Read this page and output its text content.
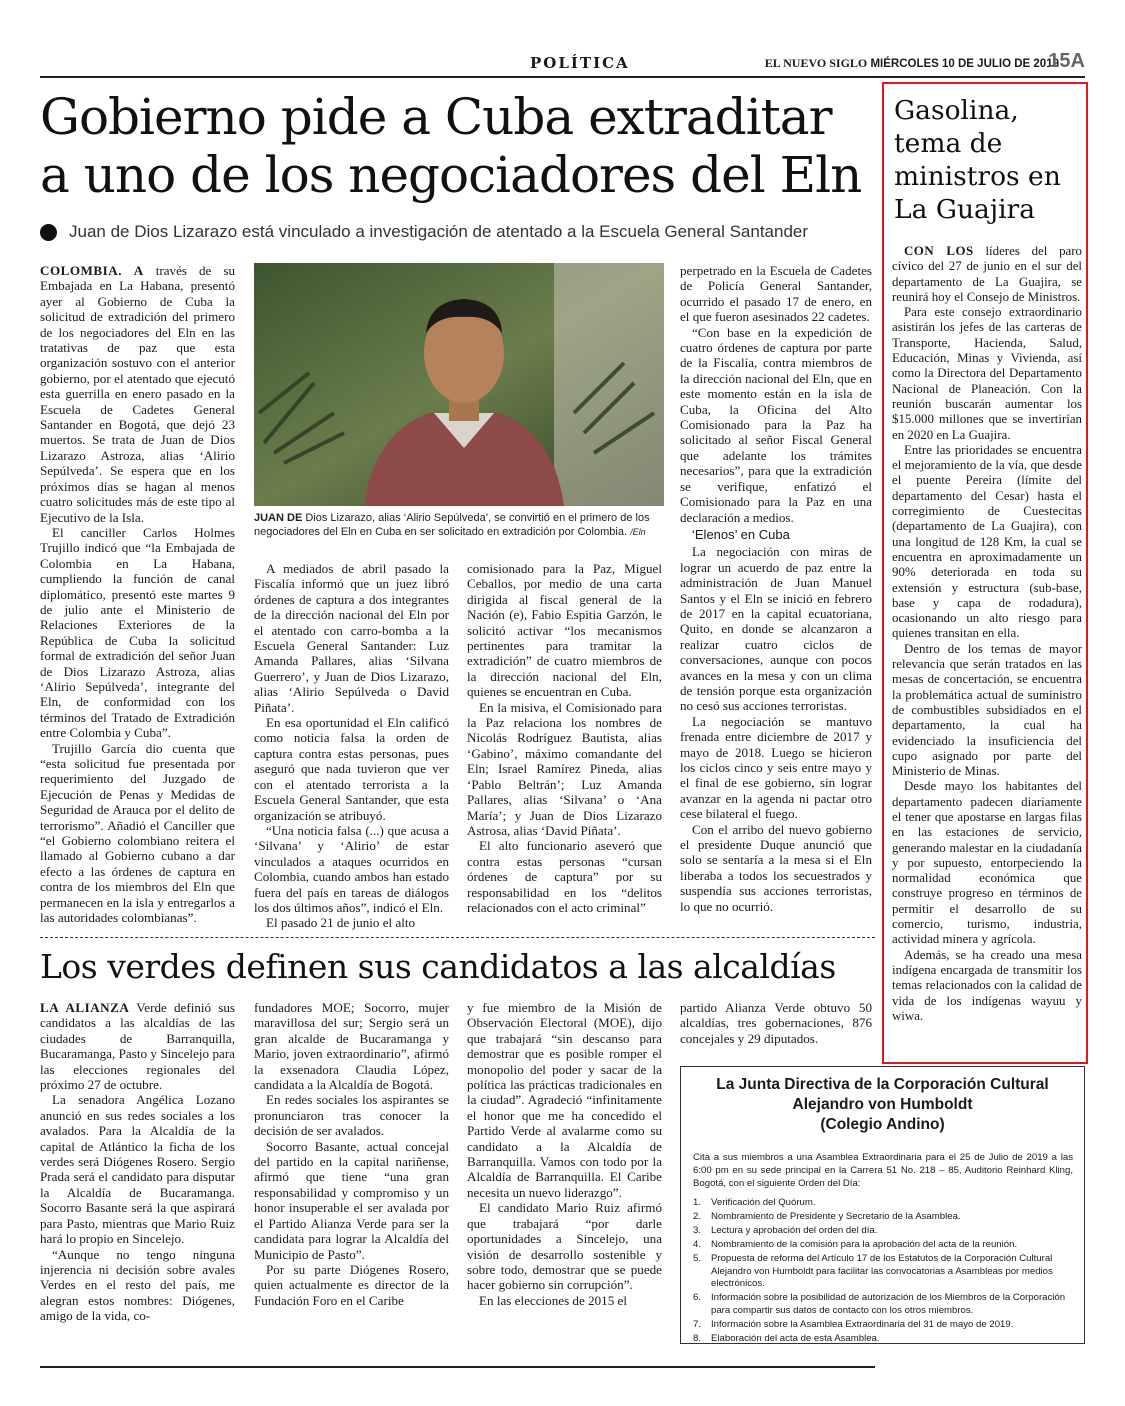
POLÍTICA	EL NUEVO SIGLO MIÉRCOLES 10 DE JULIO DE 2019
15A
Gobierno pide a Cuba extraditar
a uno de los negociadores del Eln
Juan de Dios Lizarazo está vinculado a investigación de atentado a la Escuela General Santander

COLOMBIA. A través de su Embajada en La Habana, presentó ayer al Gobierno de Cuba la solicitud de extradición del primero de los negociadores del Eln en las tratativas de paz que esta organización sostuvo con el anterior gobierno, por el atentado que ejecutó esta guerrilla en enero pasado en la Escuela de Cadetes General Santander en Bogotá, que dejó 23 muertos. Se trata de Juan de Dios Lizarazo Astroza, alias ‘Alirio Sepúlveda’. Se espera que en los próximos días se hagan al menos cuatro solicitudes más de este tipo al Ejecutivo de la Isla.

El canciller Carlos Holmes Trujillo indicó que “la Embajada de Colombia en La Habana, cumpliendo la función de canal diplomático, presentó este martes 9 de julio ante el Ministerio de Relaciones Exteriores de la República de Cuba la solicitud formal de extradición del señor Juan de Dios Lizarazo Astroza, alias ‘Alirio Sepúlveda’, integrante del Eln, de conformidad con los términos del Tratado de Extradición entre Colombia y Cuba”.

Trujillo García dio cuenta que “esta solicitud fue presentada por requerimiento del Juzgado de Ejecución de Penas y Medidas de Seguridad de Arauca por el delito de terrorismo”. Añadió el Canciller que “el Gobierno colombiano reitera el llamado al Gobierno cubano a dar efecto a las órdenes de captura en contra de los miembros del Eln que permanecen en la isla y entregarlos a las autoridades colombianas”.

JUAN DE Dios Lizarazo, alias ‘Alirio Sepúlveda’, se convirtió en el primero de los negociadores del Eln en Cuba en ser solicitado en extradición por Colombia. /Eln

A mediados de abril pasado la Fiscalía informó que un juez libró órdenes de captura a dos integrantes de la dirección nacional del Eln por el atentado con carro-bomba a la Escuela General Santander: Luz Amanda Pallares, alias ‘Silvana Guerrero’, y Juan de Dios Lizarazo, alias ‘Alirio Sepúlveda o David Piñata’.

En esa oportunidad el Eln calificó como noticia falsa la orden de captura contra estas personas, pues aseguró que nada tuvieron que ver con el atentado terrorista a la Escuela General Santander, que esta organización se atribuyó.

“Una noticia falsa (...) que acusa a ‘Silvana’ y ‘Alirio’ de estar vinculados a ataques ocurridos en Colombia, cuando ambos han estado fuera del país en tareas de diálogos los dos últimos años”, indicó el Eln.

El pasado 21 de junio el alto

comisionado para la Paz, Miguel Ceballos, por medio de una carta dirigida al fiscal general de la Nación (e), Fabio Espitia Garzón, le solicitó activar “los mecanismos pertinentes para tramitar la extradición” de cuatro miembros de la dirección nacional del Eln, quienes se encuentran en Cuba.

En la misiva, el Comisionado para la Paz relaciona los nombres de Nicolás Rodríguez Bautista, alias ‘Gabino’, máximo comandante del Eln; Israel Ramírez Pineda, alias ‘Pablo Beltrán’; Luz Amanda Pallares, alias ‘Silvana’ o ‘Ana María’; y Juan de Dios Lizarazo Astrosa, alias ‘David Piñata’.

El alto funcionario aseveró que contra estas personas “cursan órdenes de captura” por su responsabilidad en los “delitos relacionados con el acto criminal”

perpetrado en la Escuela de Cadetes de Policía General Santander, ocurrido el pasado 17 de enero, en el que fueron asesinados 22 cadetes.

“Con base en la expedición de cuatro órdenes de captura por parte de la Fiscalía, contra miembros de la dirección nacional del Eln, que en este momento están en la isla de Cuba, la Oficina del Alto Comisionado para la Paz ha solicitado al señor Fiscal General que adelante los trámites necesarios”, para que la extradición se verifique, enfatizó el Comisionado para la Paz en una declaración a medios.

‘Elenos’ en Cuba

La negociación con miras de lograr un acuerdo de paz entre la administración de Juan Manuel Santos y el Eln se inició en febrero de 2017 en la capital ecuatoriana, Quito, en donde se alcanzaron a realizar cuatro ciclos de conversaciones, aunque con pocos avances en la mesa y con un clima de tensión porque esta organización no cesó sus acciones terroristas.

La negociación se mantuvo frenada entre diciembre de 2017 y mayo de 2018. Luego se hicieron los ciclos cinco y seis entre mayo y el final de ese gobierno, sin lograr avanzar en la agenda ni pactar otro cese bilateral el fuego.

Con el arribo del nuevo gobierno el presidente Duque anunció que solo se sentaría a la mesa si el Eln liberaba a todos los secuestrados y suspendía sus acciones terroristas, lo que no ocurrió.

Los verdes definen sus candidatos a las alcaldías

LA ALIANZA Verde definió sus candidatos a las alcaldías de las ciudades de Barranquilla, Bucaramanga, Pasto y Sincelejo para las elecciones regionales del próximo 27 de octubre.

La senadora Angélica Lozano anunció en sus redes sociales a los avalados. Para la Alcaldía de la capital de Atlántico la ficha de los verdes será Diógenes Rosero. Sergio Prada será el candidato para disputar la Alcaldía de Bucaramanga. Socorro Basante será la que aspirará para Pasto, mientras que Mario Ruiz hará lo propio en Sincelejo.

“Aunque no tengo ninguna injerencia ni decisión sobre avales Verdes en el resto del país, me alegran estos nombres: Diógenes, amigo de la vida, co-

fundadores MOE; Socorro, mujer maravillosa del sur; Sergio será un gran alcalde de Bucaramanga y Mario, joven extraordinario”, afirmó la exsenadora Claudia López, candidata a la Alcaldía de Bogotá.

En redes sociales los aspirantes se pronunciaron tras conocer la decisión de ser avalados.

Socorro Basante, actual concejal del partido en la capital nariñense, afirmó que tiene “una gran responsabilidad y compromiso y un honor insuperable el ser avalada por el Partido Alianza Verde para ser la candidata para lograr la Alcaldía del Municipio de Pasto”.

Por su parte Diógenes Rosero, quien actualmente es director de la Fundación Foro en el Caribe

y fue miembro de la Misión de Observación Electoral (MOE), dijo que trabajará “sin descanso para demostrar que es posible romper el monopolio del poder y sacar de la política las prácticas tradicionales en la ciudad”. Agradeció “infinitamente el honor que me ha concedido el Partido Verde al avalarme como su candidato a la Alcaldía de Barranquilla. Vamos con todo por la Alcaldía de Barranquilla. El Caribe necesita un nuevo liderazgo”.

El candidato Mario Ruiz afirmó que trabajará “por darle oportunidades a Sincelejo, una visión de desarrollo sostenible y sobre todo, demostrar que se puede hacer gobierno sin corrupción”.

En las elecciones de 2015 el

partido Alianza Verde obtuvo 50 alcaldías, tres gobernaciones, 876 concejales y 29 diputados.

Gasolina, tema de ministros en La Guajira

CON LOS líderes del paro cívico del 27 de junio en el sur del departamento de La Guajira, se reunirá hoy el Consejo de Ministros.

Para este consejo extraordinario asistirán los jefes de las carteras de Transporte, Hacienda, Salud, Educación, Minas y Vivienda, así como la Directora del Departamento Nacional de Planeación. Con la reunión buscarán aumentar los $15.000 millones que se invertirían en 2020 en La Guajira.

Entre las prioridades se encuentra el mejoramiento de la vía, que desde el puente Pereira (límite del departamento del Cesar) hasta el corregimiento de Cuestecitas (departamento de La Guajira), con una longitud de 128 Km, la cual se encuentra en aproximadamente un 90% deteriorada en toda su extensión y estructura (sub-base, base y capa de rodadura), ocasionando un alto riesgo para quienes transitan en ella.

Dentro de los temas de mayor relevancia que serán tratados en las mesas de concertación, se encuentra la problemática actual de suministro de combustibles subsidiados en el departamento, la cual ha evidenciado la insuficiencia del cupo asignado por parte del Ministerio de Minas.

Desde mayo los habitantes del departamento padecen diariamente el tener que apostarse en largas filas en las estaciones de servicio, generando malestar en la ciudadanía y por supuesto, entorpeciendo la normalidad económica que construye progreso en términos de permitir el desarrollo de su comercio, turismo, industria, actividad minera y agrícola.

Además, se ha creado una mesa indígena encargada de transmitir los temas relacionados con la calidad de vida de los indígenas wayuu y wiwa.

La Junta Directiva de la Corporación Cultural
Alejandro von Humboldt
(Colegio Andino)
Cita a sus miembros a una Asamblea Extraordinaria para el 25 de Julio de 2019 a las 6:00 pm en su sede principal en la Carrera 51 No. 218 – 85, Auditorio Reinhard Kling, Bogotá, con el siguiente Orden del Día:
1.	Verificación del Quórum.
2.	Nombramiento de Presidente y Secretario de la Asamblea.
3.	Lectura y aprobación del orden del día.
4.	Nombramiento de la comisión para la aprobación del acta de la reunión.
5.	Propuesta de reforma del Artículo 17 de los Estatutos de la Corporación Cultural Alejandro von Humboldt para facilitar las convocatorias a Asambleas por medios electrónicos.
6.	Información sobre la posibilidad de autorización de los Miembros de la Corporación para compartir sus datos de contacto con los otros miembros.
7.	Información sobre la Asamblea Extraordinaria del 31 de mayo de 2019.
8.	Elaboración del acta de esta Asamblea.
